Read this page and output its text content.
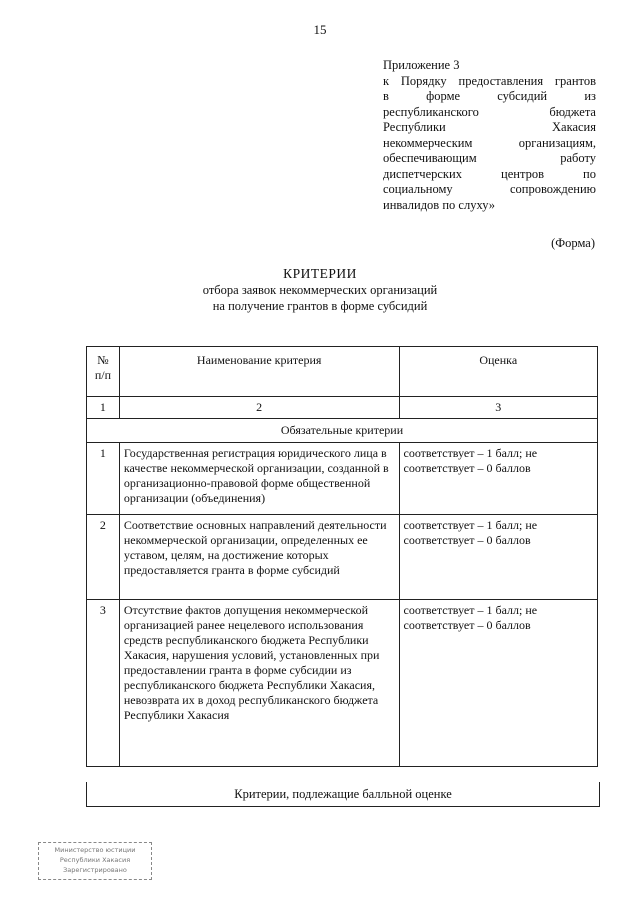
15
Приложение 3
к Порядку предоставления грантов
в форме субсидий из
республиканского бюджета
Республики Хакасия
некоммерческим организациям,
обеспечивающим работу
диспетчерских центров по
социальному сопровождению
инвалидов по слуху»
(Форма)
КРИТЕРИИ
отбора заявок некоммерческих организаций
на получение грантов в форме субсидий
№ п/п	Наименование критерия	Оценка
1	2	3
Обязательные критерии		
1	Государственная регистрация юридического лица в качестве некоммерческой организации, созданной в организационно-правовой форме общественной организации (объединения)	соответствует – 1 балл; не соответствует – 0 баллов
2	Соответствие основных направлений деятельности некоммерческой организации, определенных ее уставом, целям, на достижение которых предоставляется гранта в форме субсидий	соответствует – 1 балл; не соответствует – 0 баллов
3	Отсутствие фактов допущения некоммерческой организацией ранее нецелевого использования средств республиканского бюджета Республики Хакасия, нарушения условий, установленных при предоставлении гранта в форме субсидии из республиканского бюджета Республики Хакасия, невозврата их в доход республиканского бюджета Республики Хакасия	соответствует – 1 балл; не соответствует – 0 баллов
Критерии, подлежащие балльной оценке
Министерство юстиции
Республики Хакасия
Зарегистрировано
